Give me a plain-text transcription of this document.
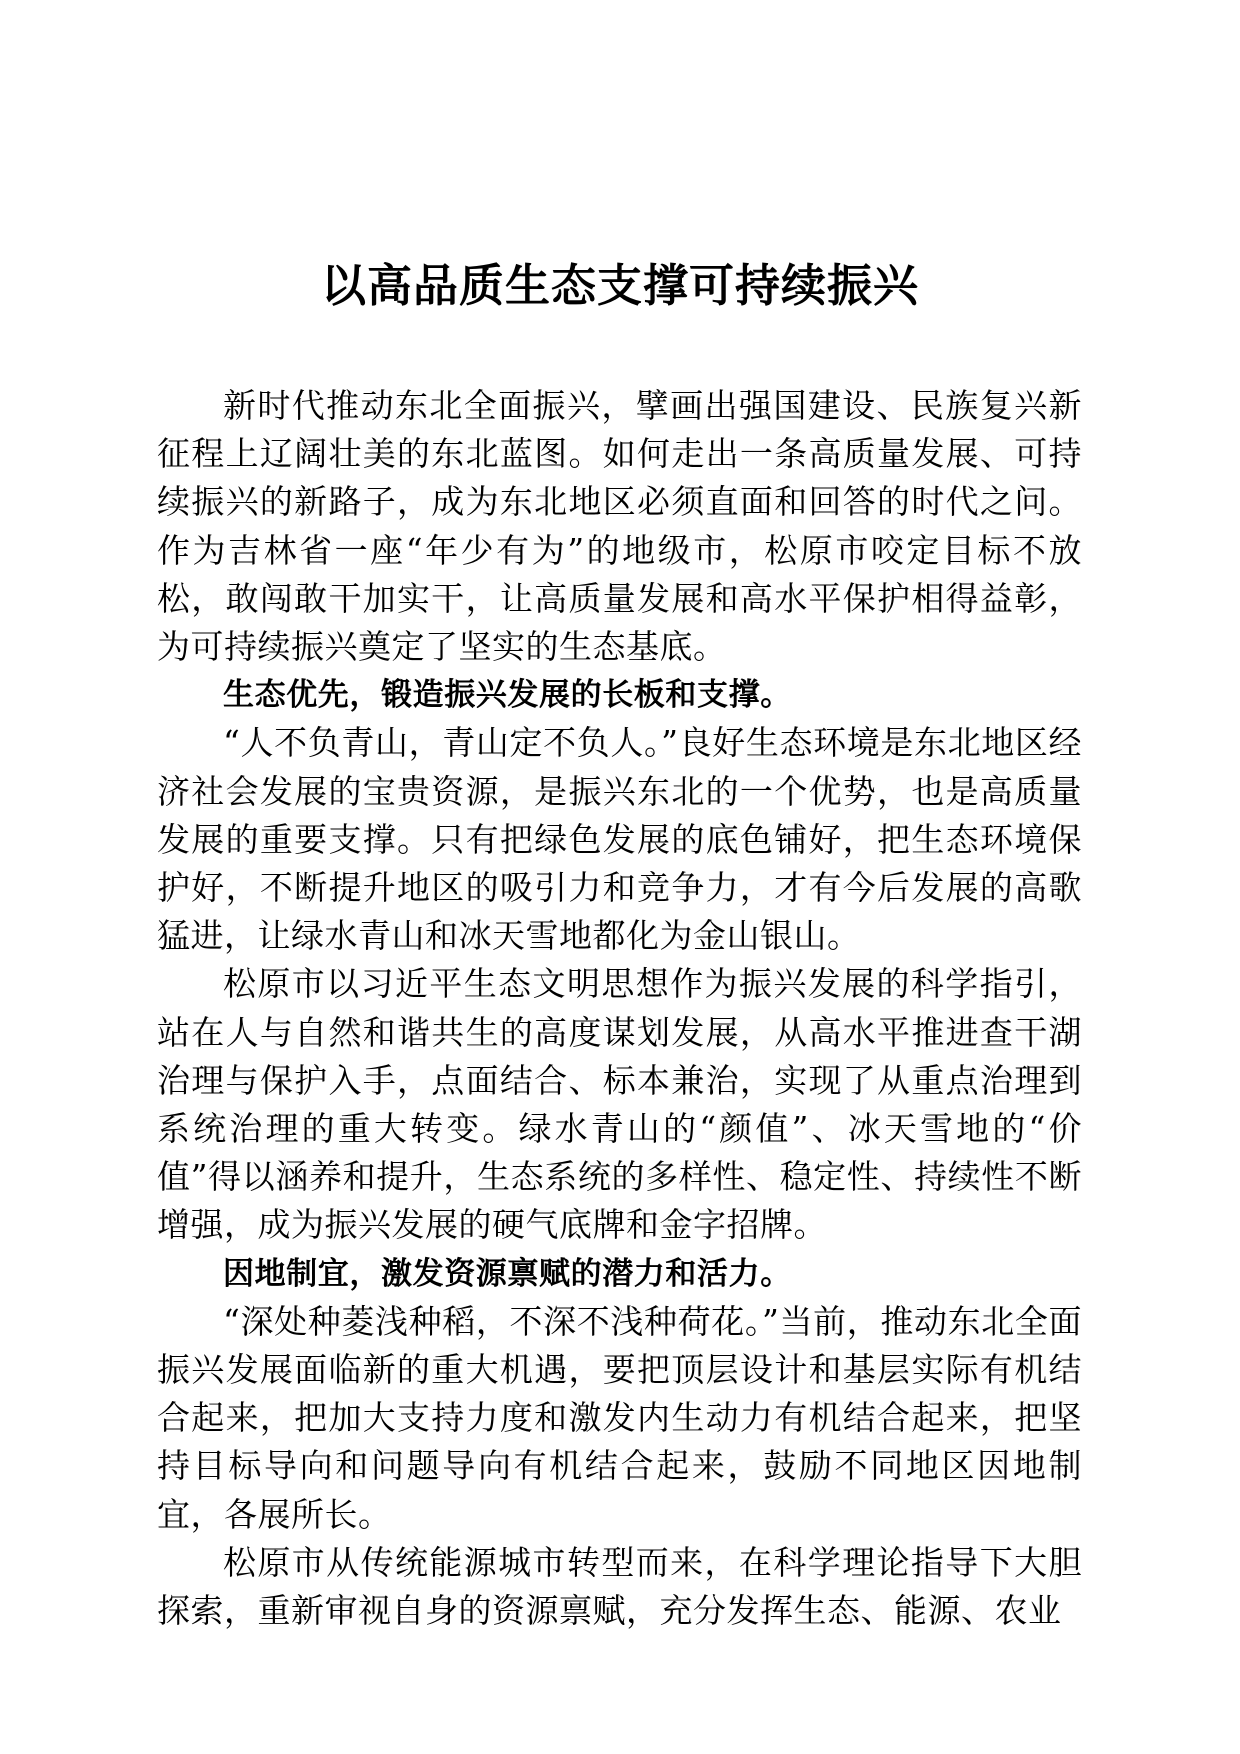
以高品质生态支撑可持续振兴

新时代推动东北全面振兴，擘画出强国建设、民族复兴新征程上辽阔壮美的东北蓝图。如何走出一条高质量发展、可持续振兴的新路子，成为东北地区必须直面和回答的时代之问。作为吉林省一座“年少有为”的地级市，松原市咬定目标不放松，敢闯敢干加实干，让高质量发展和高水平保护相得益彰，为可持续振兴奠定了坚实的生态基底。

生态优先，锻造振兴发展的长板和支撑。

“人不负青山，青山定不负人。”良好生态环境是东北地区经济社会发展的宝贵资源，是振兴东北的一个优势，也是高质量发展的重要支撑。只有把绿色发展的底色铺好，把生态环境保护好，不断提升地区的吸引力和竞争力，才有今后发展的高歌猛进，让绿水青山和冰天雪地都化为金山银山。

松原市以习近平生态文明思想作为振兴发展的科学指引，站在人与自然和谐共生的高度谋划发展，从高水平推进查干湖治理与保护入手，点面结合、标本兼治，实现了从重点治理到系统治理的重大转变。绿水青山的“颜值”、冰天雪地的“价值”得以涵养和提升，生态系统的多样性、稳定性、持续性不断增强，成为振兴发展的硬气底牌和金字招牌。

因地制宜，激发资源禀赋的潜力和活力。

“深处种菱浅种稻，不深不浅种荷花。”当前，推动东北全面振兴发展面临新的重大机遇，要把顶层设计和基层实际有机结合起来，把加大支持力度和激发内生动力有机结合起来，把坚持目标导向和问题导向有机结合起来，鼓励不同地区因地制宜，各展所长。

松原市从传统能源城市转型而来，在科学理论指导下大胆探索，重新审视自身的资源禀赋，充分发挥生态、能源、农业
